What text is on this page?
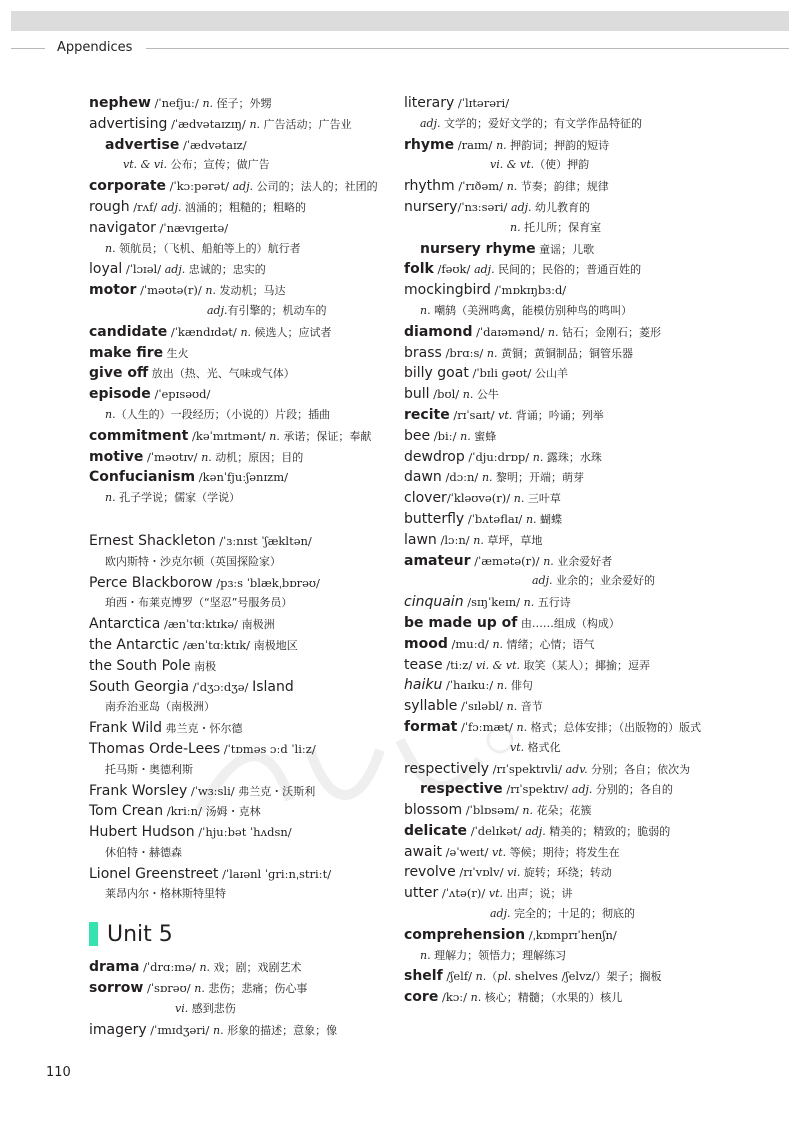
Appendices
nephew /ˈnefjuː/ n. 侄子；外甥
advertising /ˈædvətaɪzɪŋ/ n. 广告活动；广告业
advertise /ˈædvətaɪz/
vt. & vi. 公布；宣传；做广告
corporate /ˈkɔːpərət/ adj. 公司的；法人的；社团的
rough /rʌf/ adj. 汹涌的；粗糙的；粗略的
navigator /ˈnævɪɡeɪtə/
n. 领航员；（飞机、船舶等上的）航行者
loyal /ˈlɔɪəl/ adj. 忠诚的；忠实的
motor /ˈməʊtə(r)/ n. 发动机；马达
adj.有引擎的；机动车的
candidate /ˈkændɪdət/ n. 候选人；应试者
make fire 生火
give off 放出（热、光、气味或气体）
episode /ˈepɪsəʊd/
n.（人生的）一段经历；（小说的）片段；插曲
commitment /kəˈmɪtmənt/ n. 承诺；保证；奉献
motive /ˈməʊtɪv/ n. 动机；原因；目的
Confucianism /kənˈfjuːʃənɪzm/
n. 孔子学说；儒家（学说）
Ernest Shackleton /ˈɜːnɪst ˈʃækltən/
欧内斯特・沙克尔顿（英国探险家）
Perce Blackborow /pɜːs ˈblækˌbɒrəʊ/
珀西・布莱克博罗（“坚忍”号服务员）
Antarctica /ænˈtɑːktɪkə/ 南极洲
the Antarctic /ænˈtɑːktɪk/ 南极地区
the South Pole 南极
South Georgia /ˈdʒɔːdʒə/ Island
南乔治亚岛（南极洲）
Frank Wild 弗兰克・怀尔德
Thomas Orde-Lees /ˈtɒməs ɔːd ˈliːz/
托马斯・奥德利斯
Frank Worsley /ˈwɜːsli/ 弗兰克・沃斯利
Tom Crean /kriːn/ 汤姆・克林
Hubert Hudson /ˈhjuːbət ˈhʌdsn/
休伯特・赫德森
Lionel Greenstreet /ˈlaɪənl ˈɡriːnˌstriːt/
莱昂内尔・格林斯特里特
Unit 5
drama /ˈdrɑːmə/ n. 戏；剧；戏剧艺术
sorrow /ˈsɒrəʊ/ n. 悲伤；悲痛；伤心事
vi. 感到悲伤
imagery /ˈɪmɪdʒəri/ n. 形象的描述；意象；像
literary /ˈlɪtərəri/
adj. 文学的；爱好文学的；有文学作品特征的
rhyme /raɪm/ n. 押韵词；押韵的短诗
vi. & vt.（使）押韵
rhythm /ˈrɪðəm/ n. 节奏；韵律；规律
nursery/ˈnɜːsəri/ adj. 幼儿教育的
n. 托儿所；保育室
nursery rhyme 童谣；儿歌
folk /fəʊk/ adj. 民间的；民俗的；普通百姓的
mockingbird /ˈmɒkɪŋbɜːd/
n. 嘲鸫（美洲鸣禽，能模仿别种鸟的鸣叫）
diamond /ˈdaɪəmənd/ n. 钻石；金刚石；菱形
brass /brɑːs/ n. 黄铜；黄铜制品；铜管乐器
billy goat /ˈbɪli ɡəʊt/ 公山羊
bull /bʊl/ n. 公牛
recite /rɪˈsaɪt/ vt. 背诵；吟诵；列举
bee /biː/ n. 蜜蜂
dewdrop /ˈdjuːdrɒp/ n. 露珠；水珠
dawn /dɔːn/ n. 黎明；开端；萌芽
clover/ˈkləʊvə(r)/ n. 三叶草
butterfly /ˈbʌtəflaɪ/ n. 蝴蝶
lawn /lɔːn/ n. 草坪，草地
amateur /ˈæmətə(r)/ n. 业余爱好者
adj. 业余的；业余爱好的
cinquain /sɪŋˈkeɪn/ n. 五行诗
be made up of 由……组成（构成）
mood /muːd/ n. 情绪；心情；语气
tease /tiːz/ vi. & vt. 取笑（某人）；揶揄；逗弄
haiku /ˈhaɪkuː/ n. 俳句
syllable /ˈsɪləbl/ n. 音节
format /ˈfɔːmæt/ n. 格式；总体安排；（出版物的）版式
vt. 格式化
respectively /rɪˈspektɪvli/ adv. 分别；各自；依次为
respective /rɪˈspektɪv/ adj. 分别的；各自的
blossom /ˈblɒsəm/ n. 花朵；花簇
delicate /ˈdelɪkət/ adj. 精美的；精致的；脆弱的
await /əˈweɪt/ vt. 等候；期待；将发生在
revolve /rɪˈvɒlv/ vi. 旋转；环绕；转动
utter /ˈʌtə(r)/ vt. 出声；说；讲
adj. 完全的；十足的；彻底的
comprehension /ˌkɒmprɪˈhenʃn/
n. 理解力；领悟力；理解练习
shelf /ʃelf/ n.（pl. shelves /ʃelvz/）架子；搁板
core /kɔː/ n. 核心；精髓；（水果的）核儿
110
